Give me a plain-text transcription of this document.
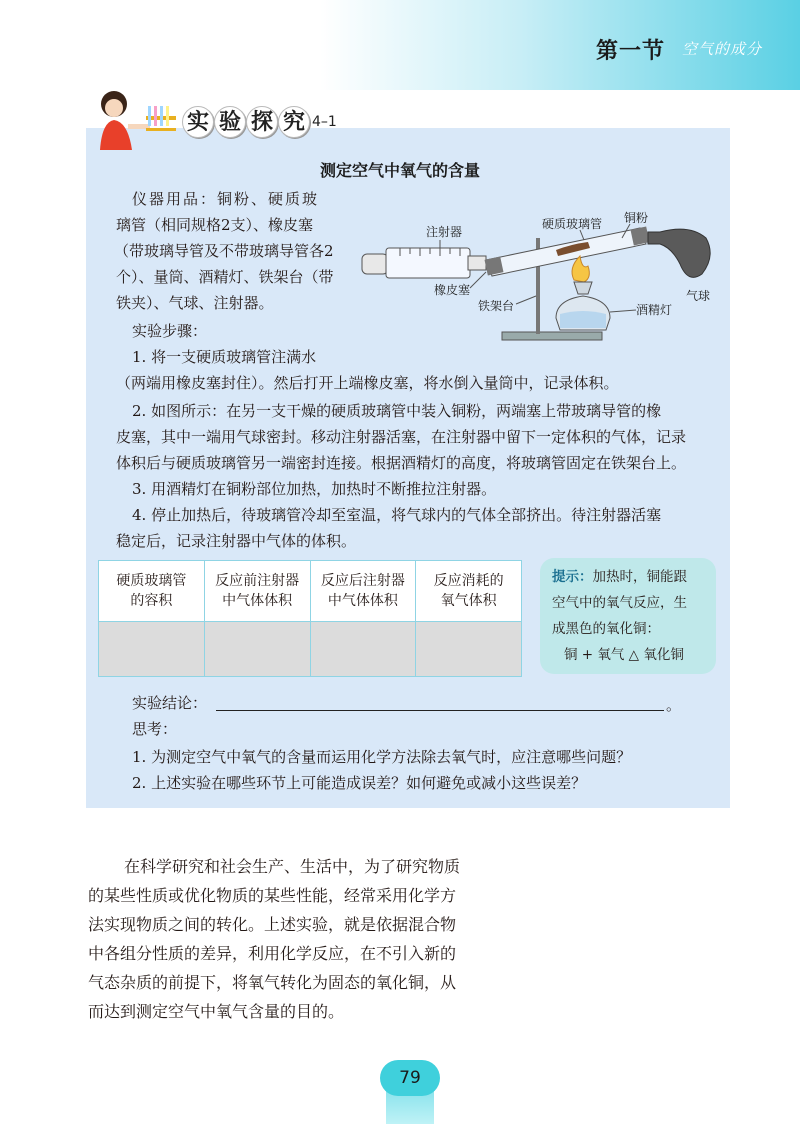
第一节 空气的成分
实 验 探 究 4–1
测定空气中氧气的含量
仪器用品：铜粉、硬质玻
璃管（相同规格2支）、橡皮塞
（带玻璃导管及不带玻璃导管各2
个）、量筒、酒精灯、铁架台（带
铁夹）、气球、注射器。
实验步骤：
1. 将一支硬质玻璃管注满水
（两端用橡皮塞封住）。然后打开上端橡皮塞，将水倒入量筒中，记录体积。
2. 如图所示：在另一支干燥的硬质玻璃管中装入铜粉，两端塞上带玻璃导管的橡
皮塞，其中一端用气球密封。移动注射器活塞，在注射器中留下一定体积的气体，记录
体积后与硬质玻璃管另一端密封连接。根据酒精灯的高度，将玻璃管固定在铁架台上。
3. 用酒精灯在铜粉部位加热，加热时不断推拉注射器。
4. 停止加热后，待玻璃管冷却至室温，将气球内的气体全部挤出。待注射器活塞
稳定后，记录注射器中气体的体积。
注射器
硬质玻璃管 铜粉
橡皮塞
铁架台	酒精灯
气球
硬质玻璃管
的容积	反应前注射器
中气体体积	反应后注射器
中气体体积	反应消耗的
氧气体积

提示：加热时，铜能跟
空气中的氧气反应，生
成黑色的氧化铜：
铜 + 氧气 △ 氧化铜
实验结论：	。
思考：
1. 为测定空气中氧气的含量而运用化学方法除去氧气时，应注意哪些问题？
2. 上述实验在哪些环节上可能造成误差？如何避免或减小这些误差？
在科学研究和社会生产、生活中，为了研究物质
的某些性质或优化物质的某些性能，经常采用化学方
法实现物质之间的转化。上述实验，就是依据混合物
中各组分性质的差异，利用化学反应，在不引入新的
气态杂质的前提下，将氧气转化为固态的氧化铜，从
而达到测定空气中氧气含量的目的。
79
